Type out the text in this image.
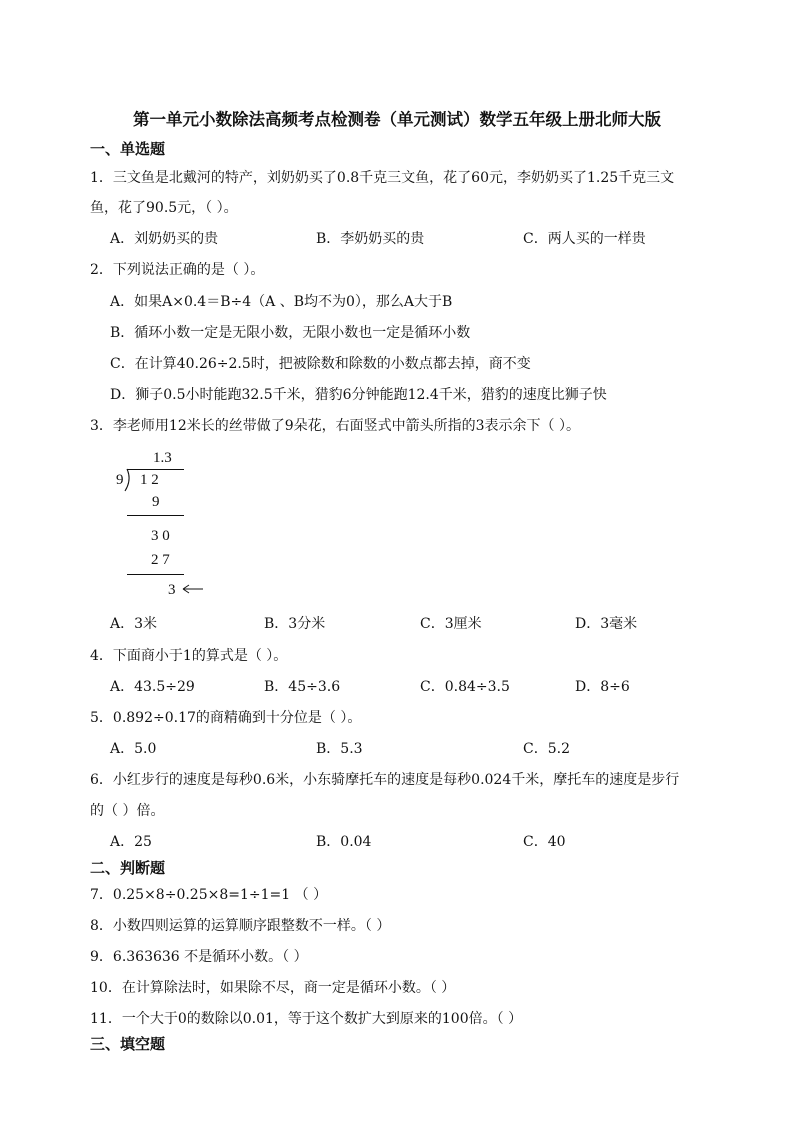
第一单元小数除法高频考点检测卷（单元测试）数学五年级上册北师大版
一、单选题
1．三文鱼是北戴河的特产，刘奶奶买了0.8千克三文鱼，花了60元，李奶奶买了1.25千克三文
鱼，花了90.5元，（ ）。
A．刘奶奶买的贵	B．李奶奶买的贵	C．两人买的一样贵
2．下列说法正确的是（ ）。
A．如果A×0.4＝B÷4（A 、B均不为0），那么A大于B
B．循环小数一定是无限小数，无限小数也一定是循环小数
C．在计算40.26÷2.5时，把被除数和除数的小数点都去掉，商不变
D．狮子0.5小时能跑32.5千米，猎豹6分钟能跑12.4千米，猎豹的速度比狮子快
3．李老师用12米长的丝带做了9朵花，右面竖式中箭头所指的3表示余下（ ）。
1.3
9 1 2
9
3 0
2 7
3
A．3米	B．3分米	C．3厘米	D．3毫米
4．下面商小于1的算式是（ ）。
A．43.5÷29	B．45÷3.6	C．0.84÷3.5	D．8÷6
5．0.892÷0.17的商精确到十分位是（ ）。
A．5.0	B．5.3	C．5.2
6．小红步行的速度是每秒0.6米，小东骑摩托车的速度是每秒0.024千米，摩托车的速度是步行
的（ ）倍。
A．25	B．0.04	C．40
二、判断题
7．0.25×8÷0.25×8=1÷1=1 （ ）
8．小数四则运算的运算顺序跟整数不一样。（ ）
9．6.363636 不是循环小数。（ ）
10．在计算除法时，如果除不尽，商一定是循环小数。（ ）
11．一个大于0的数除以0.01，等于这个数扩大到原来的100倍。（ ）
三、填空题
